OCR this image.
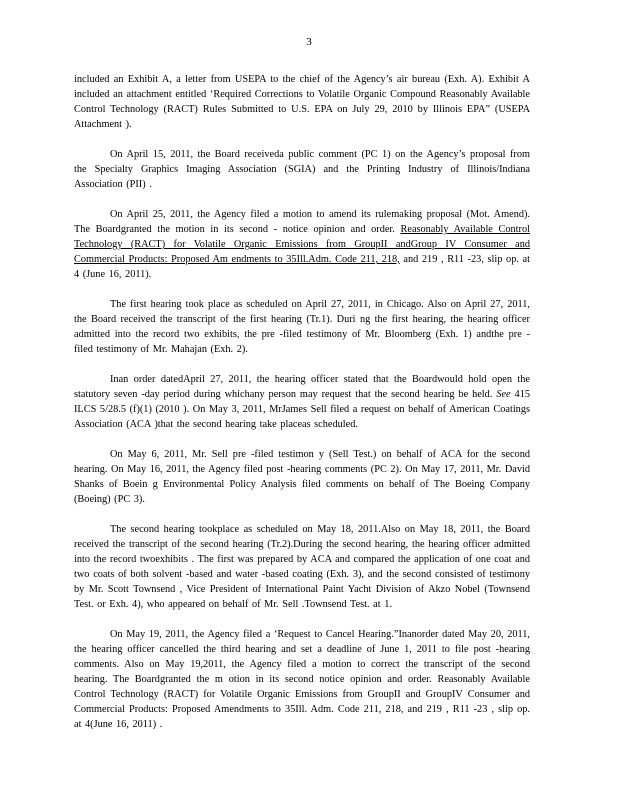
3

included an Exhibit A, a letter from USEPA to the chief of the Agency’s air bureau (Exh. A). Exhibit A included an attachment entitled ‘Required Corrections to Volatile Organic Compound Reasonably Available Control Technology (RACT) Rules Submitted to U.S. EPA on July 29, 2010 by Illinois EPA” (USEPA Attachment ).

On April 15, 2011, the Board receiveda public comment (PC 1) on the Agency’s proposal from the Specialty Graphics Imaging Association (SGIA) and the Printing Industry of Illinois/Indiana Association (PII) .

On April 25, 2011, the Agency filed a motion to amend its rulemaking proposal (Mot. Amend). The Boardgranted the motion in its second - notice opinion and order. Reasonably Available Control Technology (RACT) for Volatile Organic Emissions from GroupII andGroup IV Consumer and Commercial Products: Proposed Am endments to 35Ill.Adm. Code 211, 218, and 219 , R11 -23, slip op. at 4 (June 16, 2011).

The first hearing took place as scheduled on April 27, 2011, in Chicago. Also on April 27, 2011, the Board received the transcript of the first hearing (Tr.1). Duri ng the first hearing, the hearing officer admitted into the record two exhibits, the pre -filed testimony of Mr. Bloomberg (Exh. 1) andthe pre - filed testimony of Mr. Mahajan (Exh. 2).

Inan order datedApril 27, 2011, the hearing officer stated that the Boardwould hold open the statutory seven -day period during whichany person may request that the second hearing be held. See 415 ILCS 5/28.5 (f)(1) (2010 ). On May 3, 2011, MrJames Sell filed a request on behalf of American Coatings Association (ACA )that the second hearing take placeas scheduled.

On May 6, 2011, Mr. Sell pre -filed testimon y (Sell Test.) on behalf of ACA for the second hearing. On May 16, 2011, the Agency filed post -hearing comments (PC 2). On May 17, 2011, Mr. David Shanks of Boein g Environmental Policy Analysis filed comments on behalf of The Boeing Company (Boeing) (PC 3).

The second hearing tookplace as scheduled on May 18, 2011.Also on May 18, 2011, the Board received the transcript of the second hearing (Tr.2).During the second hearing, the hearing officer admitted into the record twoexhibits . The first was prepared by ACA and compared the application of one coat and two coats of both solvent -based and water -based coating (Exh. 3), and the second consisted of testimony by Mr. Scott Townsend , Vice President of International Paint Yacht Division of Akzo Nobel (Townsend Test. or Exh. 4), who appeared on behalf of Mr. Sell .Townsend Test. at 1.

On May 19, 2011, the Agency filed a ‘Request to Cancel Hearing.”Inanorder dated May 20, 2011, the hearing officer cancelled the third hearing and set a deadline of June 1, 2011 to file post -hearing comments. Also on May 19,2011, the Agency filed a motion to correct the transcript of the second hearing. The Boardgranted the m otion in its second notice opinion and order. Reasonably Available Control Technology (RACT) for Volatile Organic Emissions from GroupII and GroupIV Consumer and Commercial Products: Proposed Amendments to 35Ill. Adm. Code 211, 218, and 219 , R11 -23 , slip op. at 4(June 16, 2011) .
